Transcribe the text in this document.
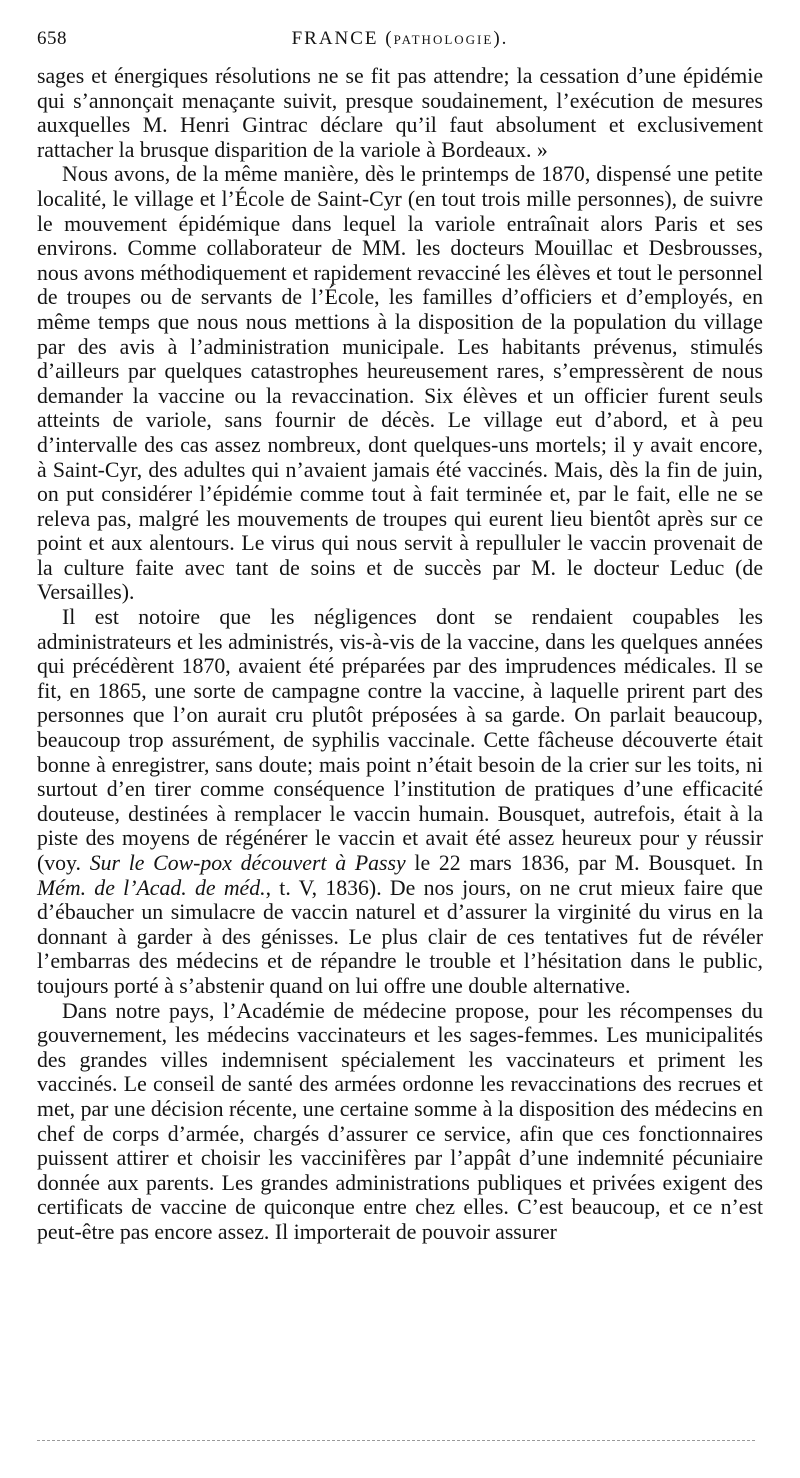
658	FRANCE (PATHOLOGIE).

sages et énergiques résolutions ne se fit pas attendre; la cessation d’une épidémie qui s’annonçait menaçante suivit, presque soudainement, l’exécution de mesures auxquelles M. Henri Gintrac déclare qu’il faut absolument et exclusivement rattacher la brusque disparition de la variole à Bordeaux. »

Nous avons, de la même manière, dès le printemps de 1870, dispensé une petite localité, le village et l’École de Saint-Cyr (en tout trois mille personnes), de suivre le mouvement épidémique dans lequel la variole entraînait alors Paris et ses environs. Comme collaborateur de MM. les docteurs Mouillac et Desbrousses, nous avons méthodiquement et rapidement revacciné les élèves et tout le personnel de troupes ou de servants de l’École, les familles d’officiers et d’employés, en même temps que nous nous mettions à la disposition de la population du village par des avis à l’administration municipale. Les habitants prévenus, stimulés d’ailleurs par quelques catastrophes heureusement rares, s’empressèrent de nous demander la vaccine ou la revaccination. Six élèves et un officier furent seuls atteints de variole, sans fournir de décès. Le village eut d’abord, et à peu d’intervalle des cas assez nombreux, dont quelques-uns mortels; il y avait encore, à Saint-Cyr, des adultes qui n’avaient jamais été vaccinés. Mais, dès la fin de juin, on put considérer l’épidémie comme tout à fait terminée et, par le fait, elle ne se releva pas, malgré les mouvements de troupes qui eurent lieu bientôt après sur ce point et aux alentours. Le virus qui nous servit à repulluler le vaccin provenait de la culture faite avec tant de soins et de succès par M. le docteur Leduc (de Versailles).

Il est notoire que les négligences dont se rendaient coupables les administrateurs et les administrés, vis-à-vis de la vaccine, dans les quelques années qui précédèrent 1870, avaient été préparées par des imprudences médicales. Il se fit, en 1865, une sorte de campagne contre la vaccine, à laquelle prirent part des personnes que l’on aurait cru plutôt préposées à sa garde. On parlait beaucoup, beaucoup trop assurément, de syphilis vaccinale. Cette fâcheuse découverte était bonne à enregistrer, sans doute; mais point n’était besoin de la crier sur les toits, ni surtout d’en tirer comme conséquence l’institution de pratiques d’une efficacité douteuse, destinées à remplacer le vaccin humain. Bousquet, autrefois, était à la piste des moyens de régénérer le vaccin et avait été assez heureux pour y réussir (voy. Sur le Cow-pox découvert à Passy le 22 mars 1836, par M. Bousquet. In Mém. de l’Acad. de méd., t. V, 1836). De nos jours, on ne crut mieux faire que d’ébaucher un simulacre de vaccin naturel et d’assurer la virginité du virus en la donnant à garder à des génisses. Le plus clair de ces tentatives fut de révéler l’embarras des médecins et de répandre le trouble et l’hésitation dans le public, toujours porté à s’abstenir quand on lui offre une double alternative.

Dans notre pays, l’Académie de médecine propose, pour les récompenses du gouvernement, les médecins vaccinateurs et les sages-femmes. Les municipalités des grandes villes indemnisent spécialement les vaccinateurs et priment les vaccinés. Le conseil de santé des armées ordonne les revaccinations des recrues et met, par une décision récente, une certaine somme à la disposition des médecins en chef de corps d’armée, chargés d’assurer ce service, afin que ces fonctionnaires puissent attirer et choisir les vaccinifères par l’appât d’une indemnité pécuniaire donnée aux parents. Les grandes administrations publiques et privées exigent des certificats de vaccine de quiconque entre chez elles. C’est beaucoup, et ce n’est peut-être pas encore assez. Il importerait de pouvoir assurer
